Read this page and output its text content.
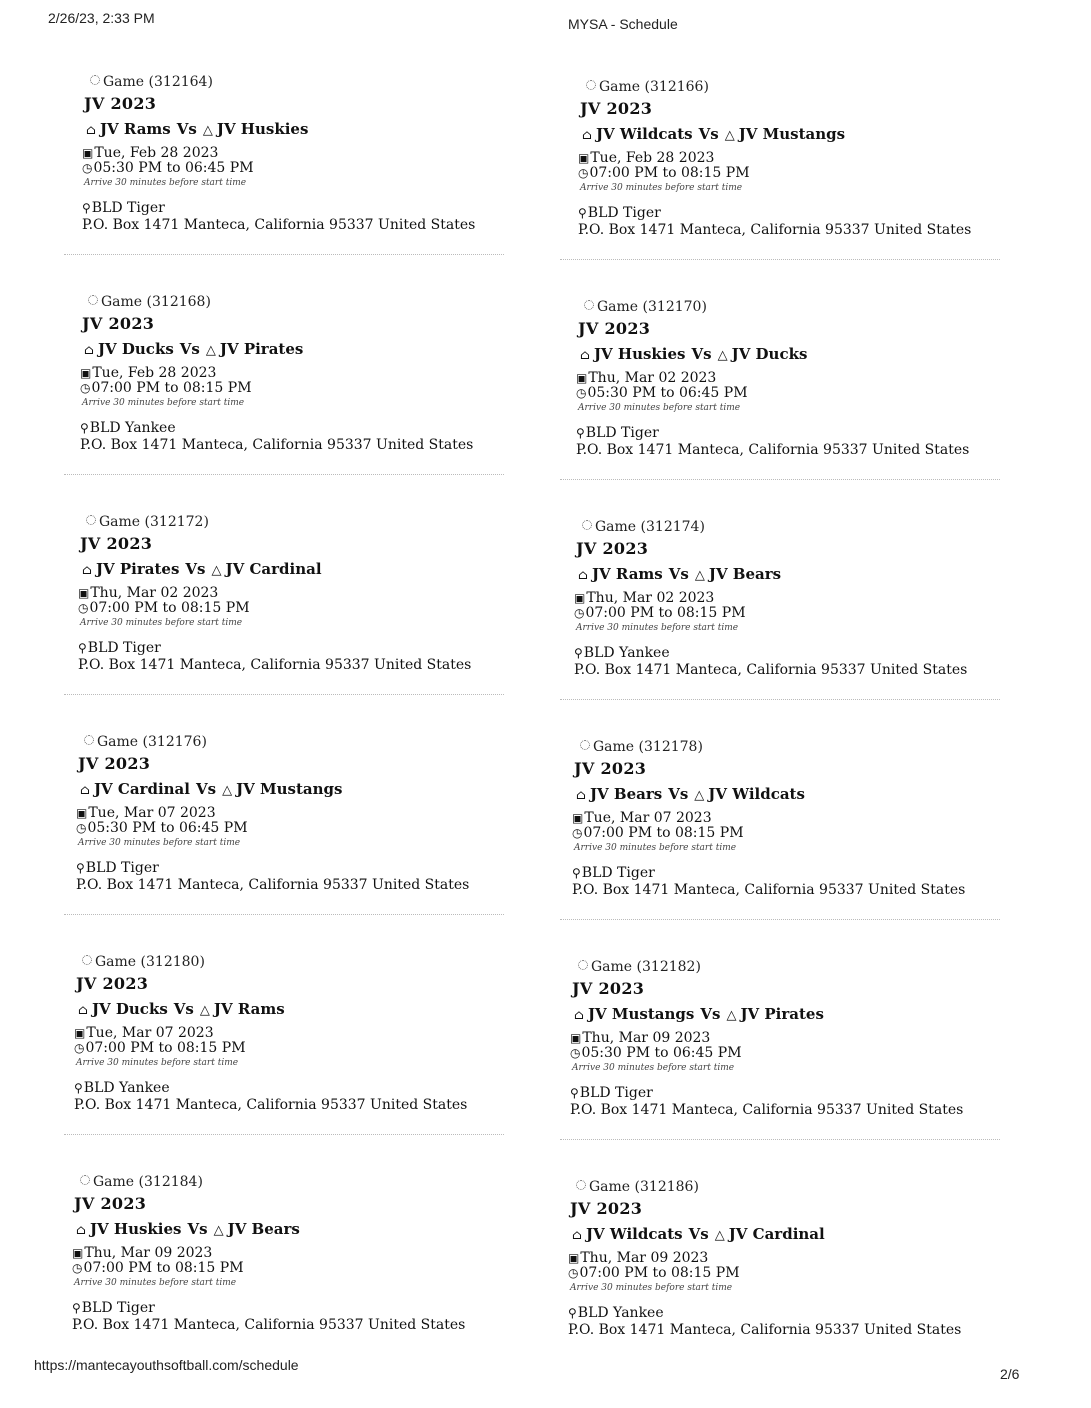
2/26/23, 2:33 PM	MYSA - Schedule
Game (312164)
JV 2023
⌂ JV Rams Vs △ JV Huskies
▣Tue, Feb 28 2023
◷05:30 PM to 06:45 PM
Arrive 30 minutes before start time
⚲BLD Tiger
P.O. Box 1471 Manteca, California 95337 United States
Game (312166)
JV 2023
⌂ JV Wildcats Vs △ JV Mustangs
▣Tue, Feb 28 2023
◷07:00 PM to 08:15 PM
Arrive 30 minutes before start time
⚲BLD Tiger
P.O. Box 1471 Manteca, California 95337 United States
Game (312168)
JV 2023
⌂ JV Ducks Vs △ JV Pirates
▣Tue, Feb 28 2023
◷07:00 PM to 08:15 PM
Arrive 30 minutes before start time
⚲BLD Yankee
P.O. Box 1471 Manteca, California 95337 United States
Game (312170)
JV 2023
⌂ JV Huskies Vs △ JV Ducks
▣Thu, Mar 02 2023
◷05:30 PM to 06:45 PM
Arrive 30 minutes before start time
⚲BLD Tiger
P.O. Box 1471 Manteca, California 95337 United States
Game (312172)
JV 2023
⌂ JV Pirates Vs △ JV Cardinal
▣Thu, Mar 02 2023
◷07:00 PM to 08:15 PM
Arrive 30 minutes before start time
⚲BLD Tiger
P.O. Box 1471 Manteca, California 95337 United States
Game (312174)
JV 2023
⌂ JV Rams Vs △ JV Bears
▣Thu, Mar 02 2023
◷07:00 PM to 08:15 PM
Arrive 30 minutes before start time
⚲BLD Yankee
P.O. Box 1471 Manteca, California 95337 United States
Game (312176)
JV 2023
⌂ JV Cardinal Vs △ JV Mustangs
▣Tue, Mar 07 2023
◷05:30 PM to 06:45 PM
Arrive 30 minutes before start time
⚲BLD Tiger
P.O. Box 1471 Manteca, California 95337 United States
Game (312178)
JV 2023
⌂ JV Bears Vs △ JV Wildcats
▣Tue, Mar 07 2023
◷07:00 PM to 08:15 PM
Arrive 30 minutes before start time
⚲BLD Tiger
P.O. Box 1471 Manteca, California 95337 United States
Game (312180)
JV 2023
⌂ JV Ducks Vs △ JV Rams
▣Tue, Mar 07 2023
◷07:00 PM to 08:15 PM
Arrive 30 minutes before start time
⚲BLD Yankee
P.O. Box 1471 Manteca, California 95337 United States
Game (312182)
JV 2023
⌂ JV Mustangs Vs △ JV Pirates
▣Thu, Mar 09 2023
◷05:30 PM to 06:45 PM
Arrive 30 minutes before start time
⚲BLD Tiger
P.O. Box 1471 Manteca, California 95337 United States
Game (312184)
JV 2023
⌂ JV Huskies Vs △ JV Bears
▣Thu, Mar 09 2023
◷07:00 PM to 08:15 PM
Arrive 30 minutes before start time
⚲BLD Tiger
P.O. Box 1471 Manteca, California 95337 United States
Game (312186)
JV 2023
⌂ JV Wildcats Vs △ JV Cardinal
▣Thu, Mar 09 2023
◷07:00 PM to 08:15 PM
Arrive 30 minutes before start time
⚲BLD Yankee
P.O. Box 1471 Manteca, California 95337 United States
https://mantecayouthsoftball.com/schedule
2/6
